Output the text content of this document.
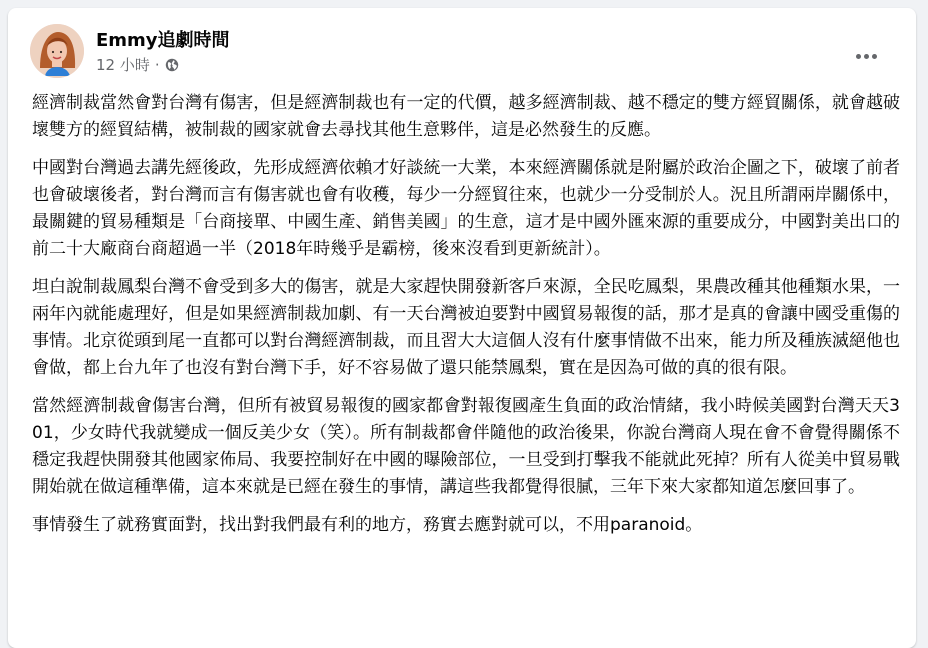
Emmy追劇時間
12 小時 ·

經濟制裁當然會對台灣有傷害，但是經濟制裁也有一定的代價，越多經濟制裁、越不穩定的雙方經貿關係，就會越破壞雙方的經貿結構，被制裁的國家就會去尋找其他生意夥伴，這是必然發生的反應。

中國對台灣過去講先經後政，先形成經濟依賴才好談統一大業，本來經濟關係就是附屬於政治企圖之下，破壞了前者也會破壞後者，對台灣而言有傷害就也會有收穫，每少一分經貿往來，也就少一分受制於人。況且所謂兩岸關係中，最關鍵的貿易種類是「台商接單、中國生產、銷售美國」的生意，這才是中國外匯來源的重要成分，中國對美出口的前二十大廠商台商超過一半（2018年時幾乎是霸榜，後來沒看到更新統計）。

坦白說制裁鳳梨台灣不會受到多大的傷害，就是大家趕快開發新客戶來源，全民吃鳳梨，果農改種其他種類水果，一兩年內就能處理好，但是如果經濟制裁加劇、有一天台灣被迫要對中國貿易報復的話，那才是真的會讓中國受重傷的事情。北京從頭到尾一直都可以對台灣經濟制裁，而且習大大這個人沒有什麼事情做不出來，能力所及種族滅絕他也會做，都上台九年了也沒有對台灣下手，好不容易做了還只能禁鳳梨，實在是因為可做的真的很有限。

當然經濟制裁會傷害台灣，但所有被貿易報復的國家都會對報復國產生負面的政治情緒，我小時候美國對台灣天天301，少女時代我就變成一個反美少女（笑）。所有制裁都會伴隨他的政治後果，你說台灣商人現在會不會覺得關係不穩定我趕快開發其他國家佈局、我要控制好在中國的曝險部位，一旦受到打擊我不能就此死掉？所有人從美中貿易戰開始就在做這種準備，這本來就是已經在發生的事情，講這些我都覺得很膩，三年下來大家都知道怎麼回事了。

事情發生了就務實面對，找出對我們最有利的地方，務實去應對就可以，不用paranoid。
